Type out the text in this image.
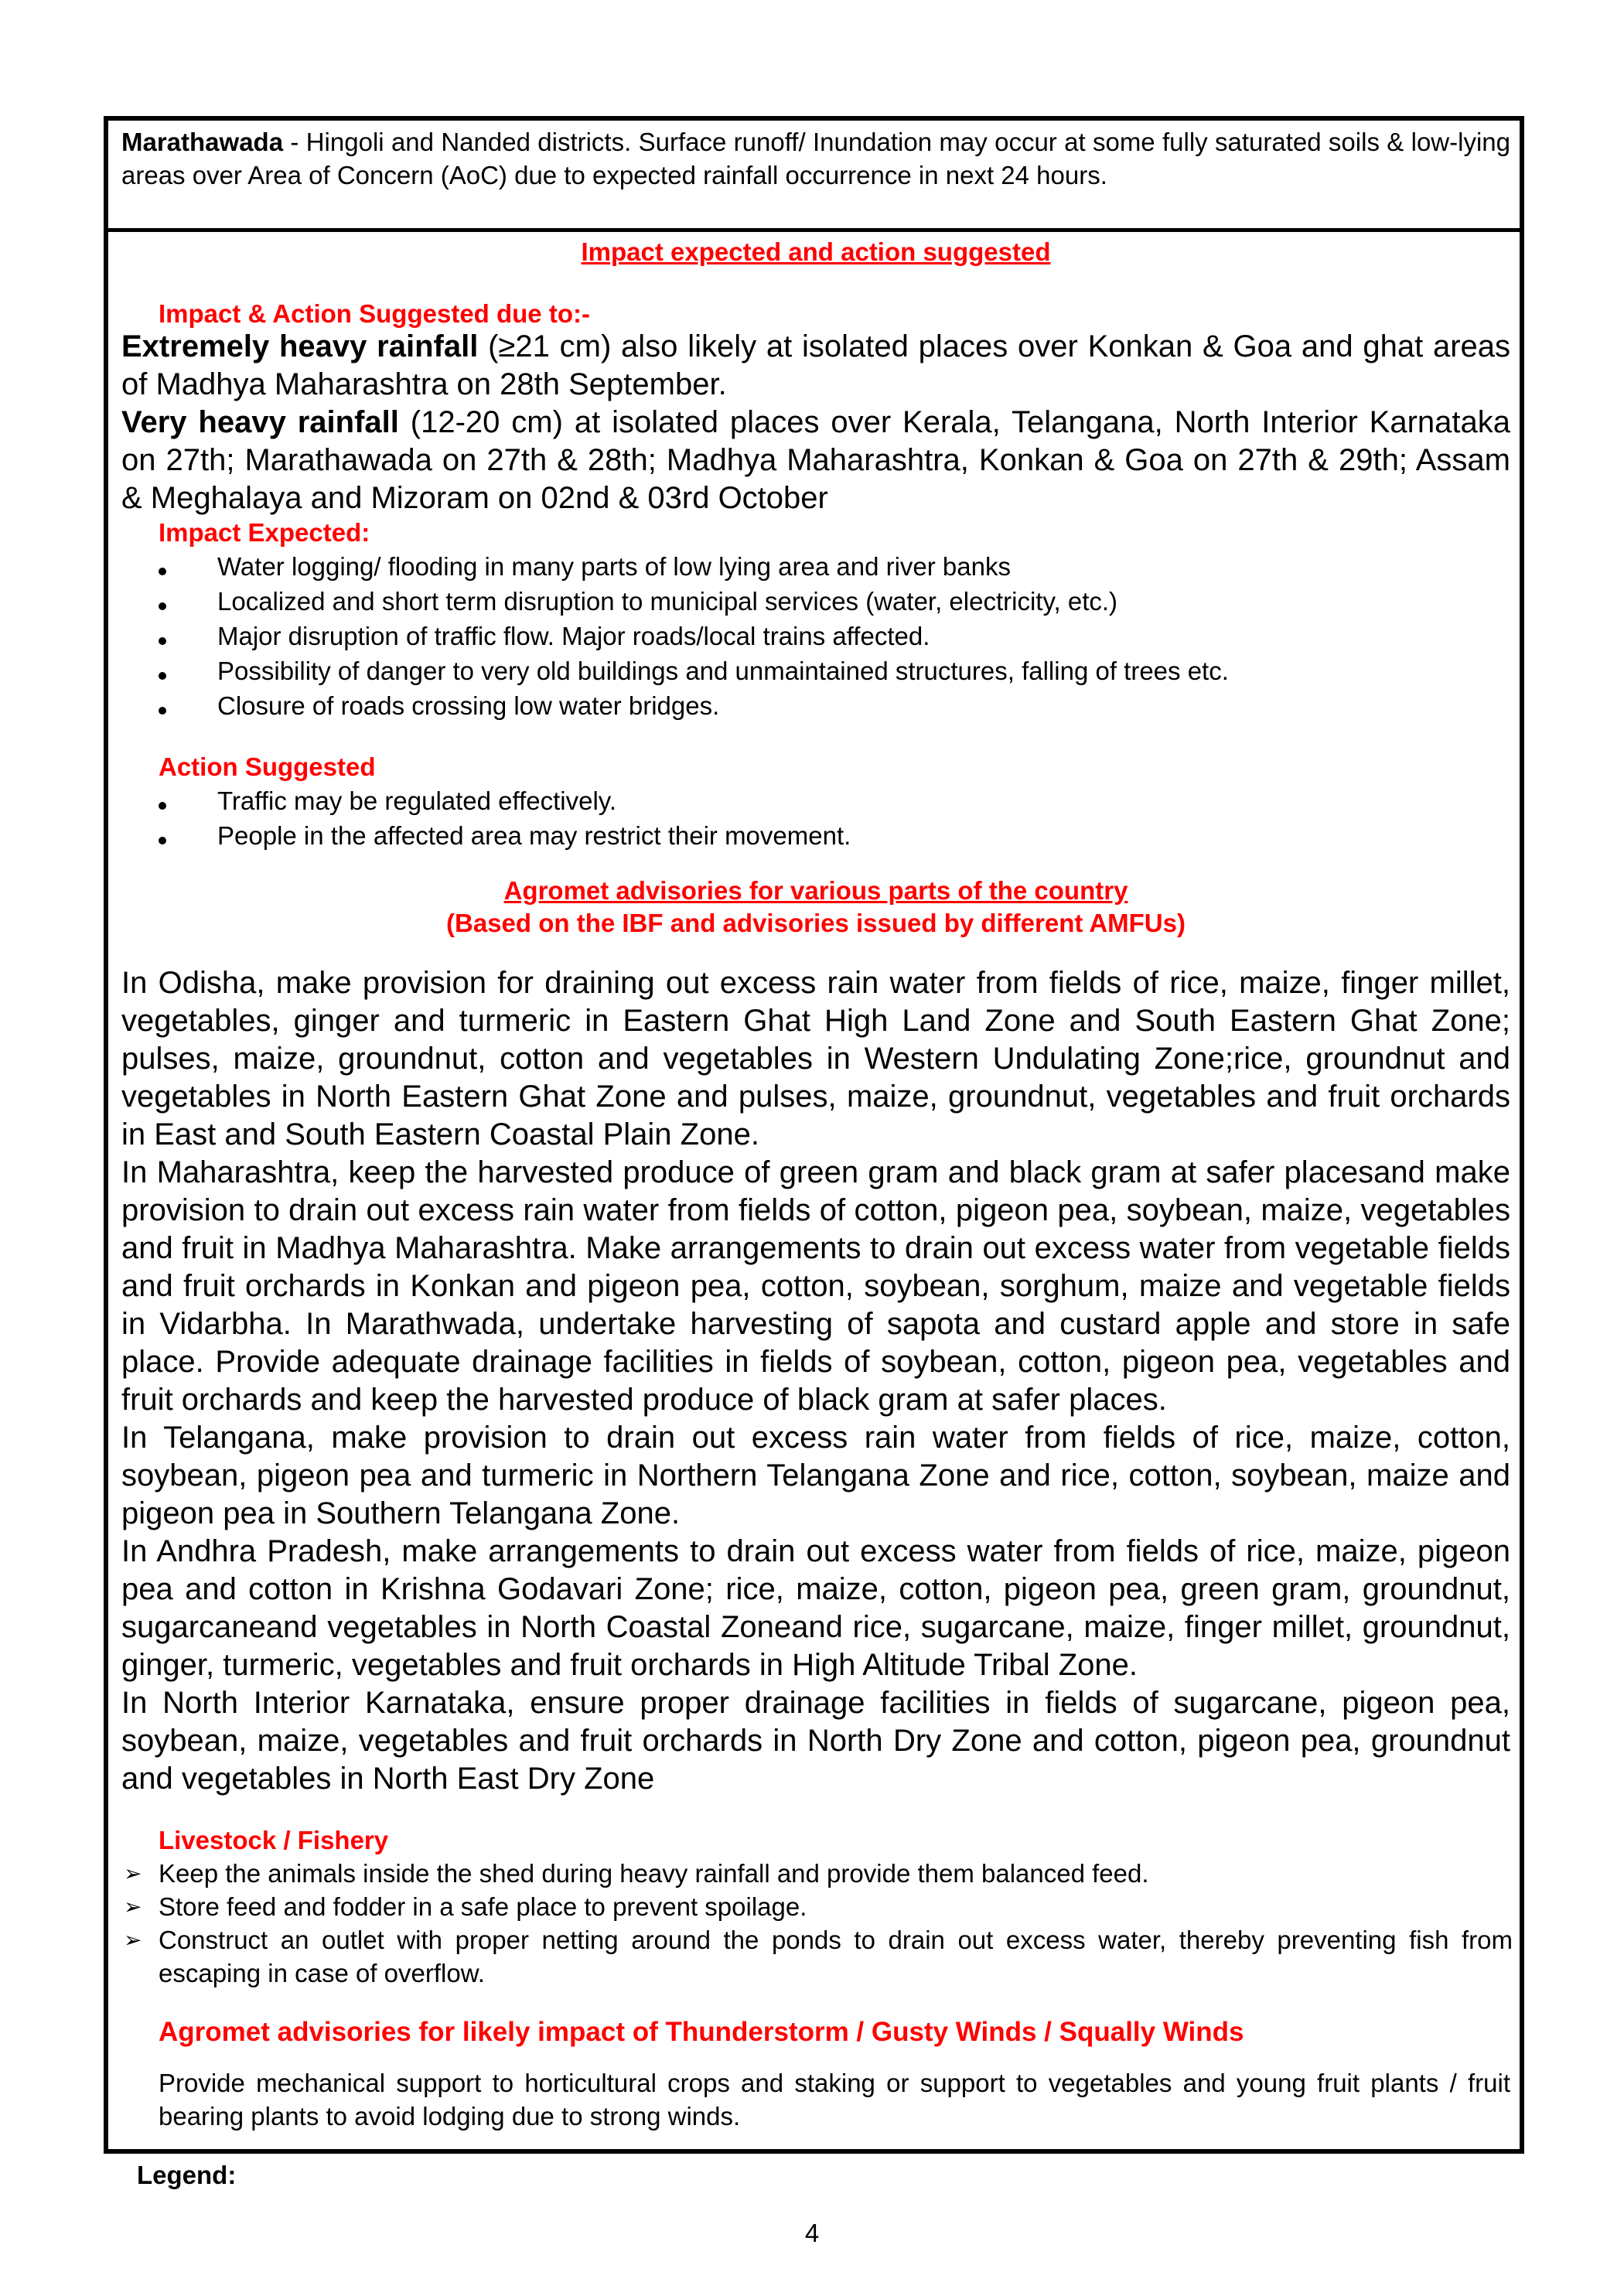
Marathawada - Hingoli and Nanded districts. Surface runoff/ Inundation may occur at some fully saturated soils & low-lying areas over Area of Concern (AoC) due to expected rainfall occurrence in next 24 hours.
Impact expected and action suggested
Impact & Action Suggested due to:-
Extremely heavy rainfall (≥21 cm) also likely at isolated places over Konkan & Goa and ghat areas of Madhya Maharashtra on 28th September.
Very heavy rainfall (12-20 cm) at isolated places over Kerala, Telangana, North Interior Karnataka on 27th; Marathawada on 27th & 28th; Madhya Maharashtra, Konkan & Goa on 27th & 29th; Assam & Meghalaya and Mizoram on 02nd & 03rd October
Impact Expected:
Water logging/ flooding in many parts of low lying area and river banks
Localized and short term disruption to municipal services (water, electricity, etc.)
Major disruption of traffic flow. Major roads/local trains affected.
Possibility of danger to very old buildings and unmaintained structures, falling of trees etc.
Closure of roads crossing low water bridges.
Action Suggested
Traffic may be regulated effectively.
People in the affected area may restrict their movement.
Agromet advisories for various parts of the country
(Based on the IBF and advisories issued by different AMFUs)

In Odisha, make provision for draining out excess rain water from fields of rice, maize, finger millet, vegetables, ginger and turmeric in Eastern Ghat High Land Zone and South Eastern Ghat Zone; pulses, maize, groundnut, cotton and vegetables in Western Undulating Zone;rice, groundnut and vegetables in North Eastern Ghat Zone and pulses, maize, groundnut, vegetables and fruit orchards in East and South Eastern Coastal Plain Zone.

In Maharashtra, keep the harvested produce of green gram and black gram at safer placesand make provision to drain out excess rain water from fields of cotton, pigeon pea, soybean, maize, vegetables and fruit in Madhya Maharashtra. Make arrangements to drain out excess water from vegetable fields and fruit orchards in Konkan and pigeon pea, cotton, soybean, sorghum, maize and vegetable fields in Vidarbha. In Marathwada, undertake harvesting of sapota and custard apple and store in safe place. Provide adequate drainage facilities in fields of soybean, cotton, pigeon pea, vegetables and fruit orchards and keep the harvested produce of black gram at safer places.

In Telangana, make provision to drain out excess rain water from fields of rice, maize, cotton, soybean, pigeon pea and turmeric in Northern Telangana Zone and rice, cotton, soybean, maize and pigeon pea in Southern Telangana Zone.

In Andhra Pradesh, make arrangements to drain out excess water from fields of rice, maize, pigeon pea and cotton in Krishna Godavari Zone; rice, maize, cotton, pigeon pea, green gram, groundnut, sugarcaneand vegetables in North Coastal Zoneand rice, sugarcane, maize, finger millet, groundnut, ginger, turmeric, vegetables and fruit orchards in High Altitude Tribal Zone.

In North Interior Karnataka, ensure proper drainage facilities in fields of sugarcane, pigeon pea, soybean, maize, vegetables and fruit orchards in North Dry Zone and cotton, pigeon pea, groundnut and vegetables in North East Dry Zone

Livestock / Fishery
➢ Keep the animals inside the shed during heavy rainfall and provide them balanced feed.
➢ Store feed and fodder in a safe place to prevent spoilage.
➢ Construct an outlet with proper netting around the ponds to drain out excess water, thereby preventing fish from escaping in case of overflow.
Agromet advisories for likely impact of Thunderstorm / Gusty Winds / Squally Winds
Provide mechanical support to horticultural crops and staking or support to vegetables and young fruit plants / fruit bearing plants to avoid lodging due to strong winds.
Legend:
4
